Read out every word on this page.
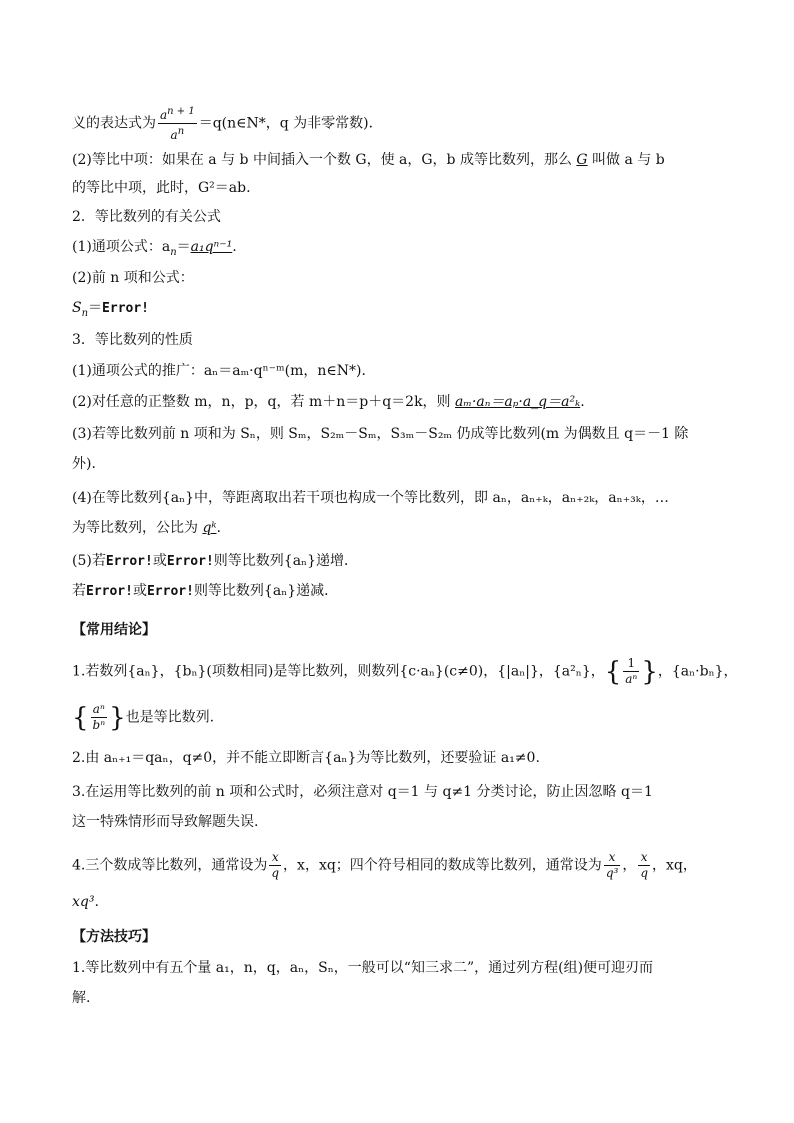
义的表达式为 $\frac{a^{n + 1}}{a^n}$ ＝q(n∈N*，q 为非零常数)．
(2)等比中项：如果在 a 与 b 中间插入一个数 G，使 a，G，b 成等比数列，那么 G 叫做 a 与 b
的等比中项，此时，G²＝ab.
2．等比数列的有关公式
(1)通项公式：$a_n=a_1q^{n-1}$.
(2)前 n 项和公式：
$S_n=Error$!
3．等比数列的性质
(1)通项公式的推广：aₙ＝aₘ·qⁿ⁻ᵐ(m，n∈N*)．
(2)对任意的正整数 m，n，p，q，若 m＋n＝p＋q＝2k，则 aₘ·aₙ＝aₚ·a_q＝a²ₖ.
(3)若等比数列前 n 项和为 Sₙ，则 Sₘ，S₂ₘ－Sₘ，S₃ₘ－S₂ₘ 仍成等比数列(m 为偶数且 q＝－1 除
外)．
(4)在等比数列{aₙ}中，等距离取出若干项也构成一个等比数列，即 aₙ，aₙ₊ₖ，aₙ₊₂ₖ，aₙ₊₃ₖ，…
为等比数列，公比为 qᵏ.
(5)若Error!或Error!则等比数列{aₙ}递增．
若Error!或Error!则等比数列{aₙ}递减．
【常用结论】
1.若数列{aₙ}，{bₙ}(项数相同)是等比数列，则数列{c·aₙ}(c≠0)，{|aₙ|}，{a²ₙ}，{ $\frac{1}{\text{aⁿ}}$ }，{aₙ·bₙ}，
{ $\frac{\text{aⁿ}}{\text{bⁿ}}$ }也是等比数列.
2.由 aₙ₊₁＝qaₙ，q≠0，并不能立即断言{aₙ}为等比数列，还要验证 a₁≠0.
3.在运用等比数列的前 n 项和公式时，必须注意对 q＝1 与 q≠1 分类讨论，防止因忽略 q＝1
这一特殊情形而导致解题失误.
4.三个数成等比数列，通常设为 $\frac{x}{q}$ ，x，xq；四个符号相同的数成等比数列，通常设为 $\frac{x}{\text{q³}}$ ， $\frac{x}{q}$ ，xq，
xq³.
【方法技巧】
1.等比数列中有五个量 a₁，n，q，aₙ，Sₙ，一般可以“知三求二”，通过列方程(组)便可迎刃而
解.
